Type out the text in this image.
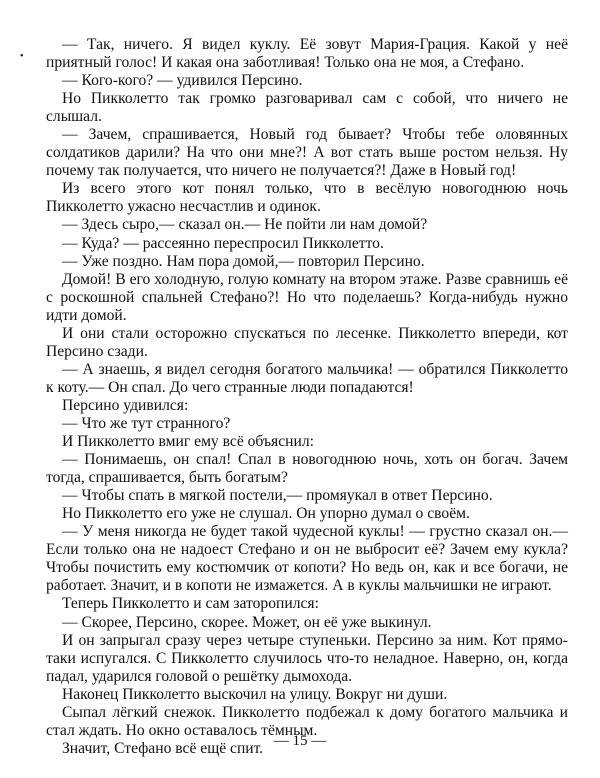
•

— Так, ничего. Я видел куклу. Её зовут Мария-Грация. Какой у неё приятный голос! И какая она заботливая! Только она не моя, а Стефано.

— Кого-кого? — удивился Персино.

Но Пикколетто так громко разговаривал сам с собой, что ничего не слышал.

— Зачем, спрашивается, Новый год бывает? Чтобы тебе оловянных солдатиков дарили? На что они мне?! А вот стать выше ростом нельзя. Ну почему так получается, что ничего не получается?! Даже в Новый год!

Из всего этого кот понял только, что в весёлую новогоднюю ночь Пикколетто ужасно несчастлив и одинок.

— Здесь сыро,— сказал он.— Не пойти ли нам домой?

— Куда? — рассеянно переспросил Пикколетто.

— Уже поздно. Нам пора домой,— повторил Персино.

Домой! В его холодную, голую комнату на втором этаже. Разве сравнишь её с роскошной спальней Стефано?! Но что поделаешь? Когда-нибудь нужно идти домой.

И они стали осторожно спускаться по лесенке. Пикколетто впереди, кот Персино сзади.

— А знаешь, я видел сегодня богатого мальчика! — обратился Пикколетто к коту.— Он спал. До чего странные люди попадаются!

Персино удивился:

— Что же тут странного?

И Пикколетто вмиг ему всё объяснил:

— Понимаешь, он спал! Спал в новогоднюю ночь, хоть он богач. Зачем тогда, спрашивается, быть богатым?

— Чтобы спать в мягкой постели,— промяукал в ответ Персино.

Но Пикколетто его уже не слушал. Он упорно думал о своём.

— У меня никогда не будет такой чудесной куклы! — грустно сказал он.— Если только она не надоест Стефано и он не выбросит её? Зачем ему кукла? Чтобы почистить ему костюмчик от копоти? Но ведь он, как и все богачи, не работает. Значит, и в копоти не измажется. А в куклы мальчишки не играют.

Теперь Пикколетто и сам заторопился:

— Скорее, Персино, скорее. Может, он её уже выкинул.

И он запрыгал сразу через четыре ступеньки. Персино за ним. Кот прямо-таки испугался. С Пикколетто случилось что-то неладное. Наверно, он, когда падал, ударился головой о решётку дымохода.

Наконец Пикколетто выскочил на улицу. Вокруг ни души.

Сыпал лёгкий снежок. Пикколетто подбежал к дому богатого мальчика и стал ждать. Но окно оставалось тёмным.

Значит, Стефано всё ещё спит. — 15 —
